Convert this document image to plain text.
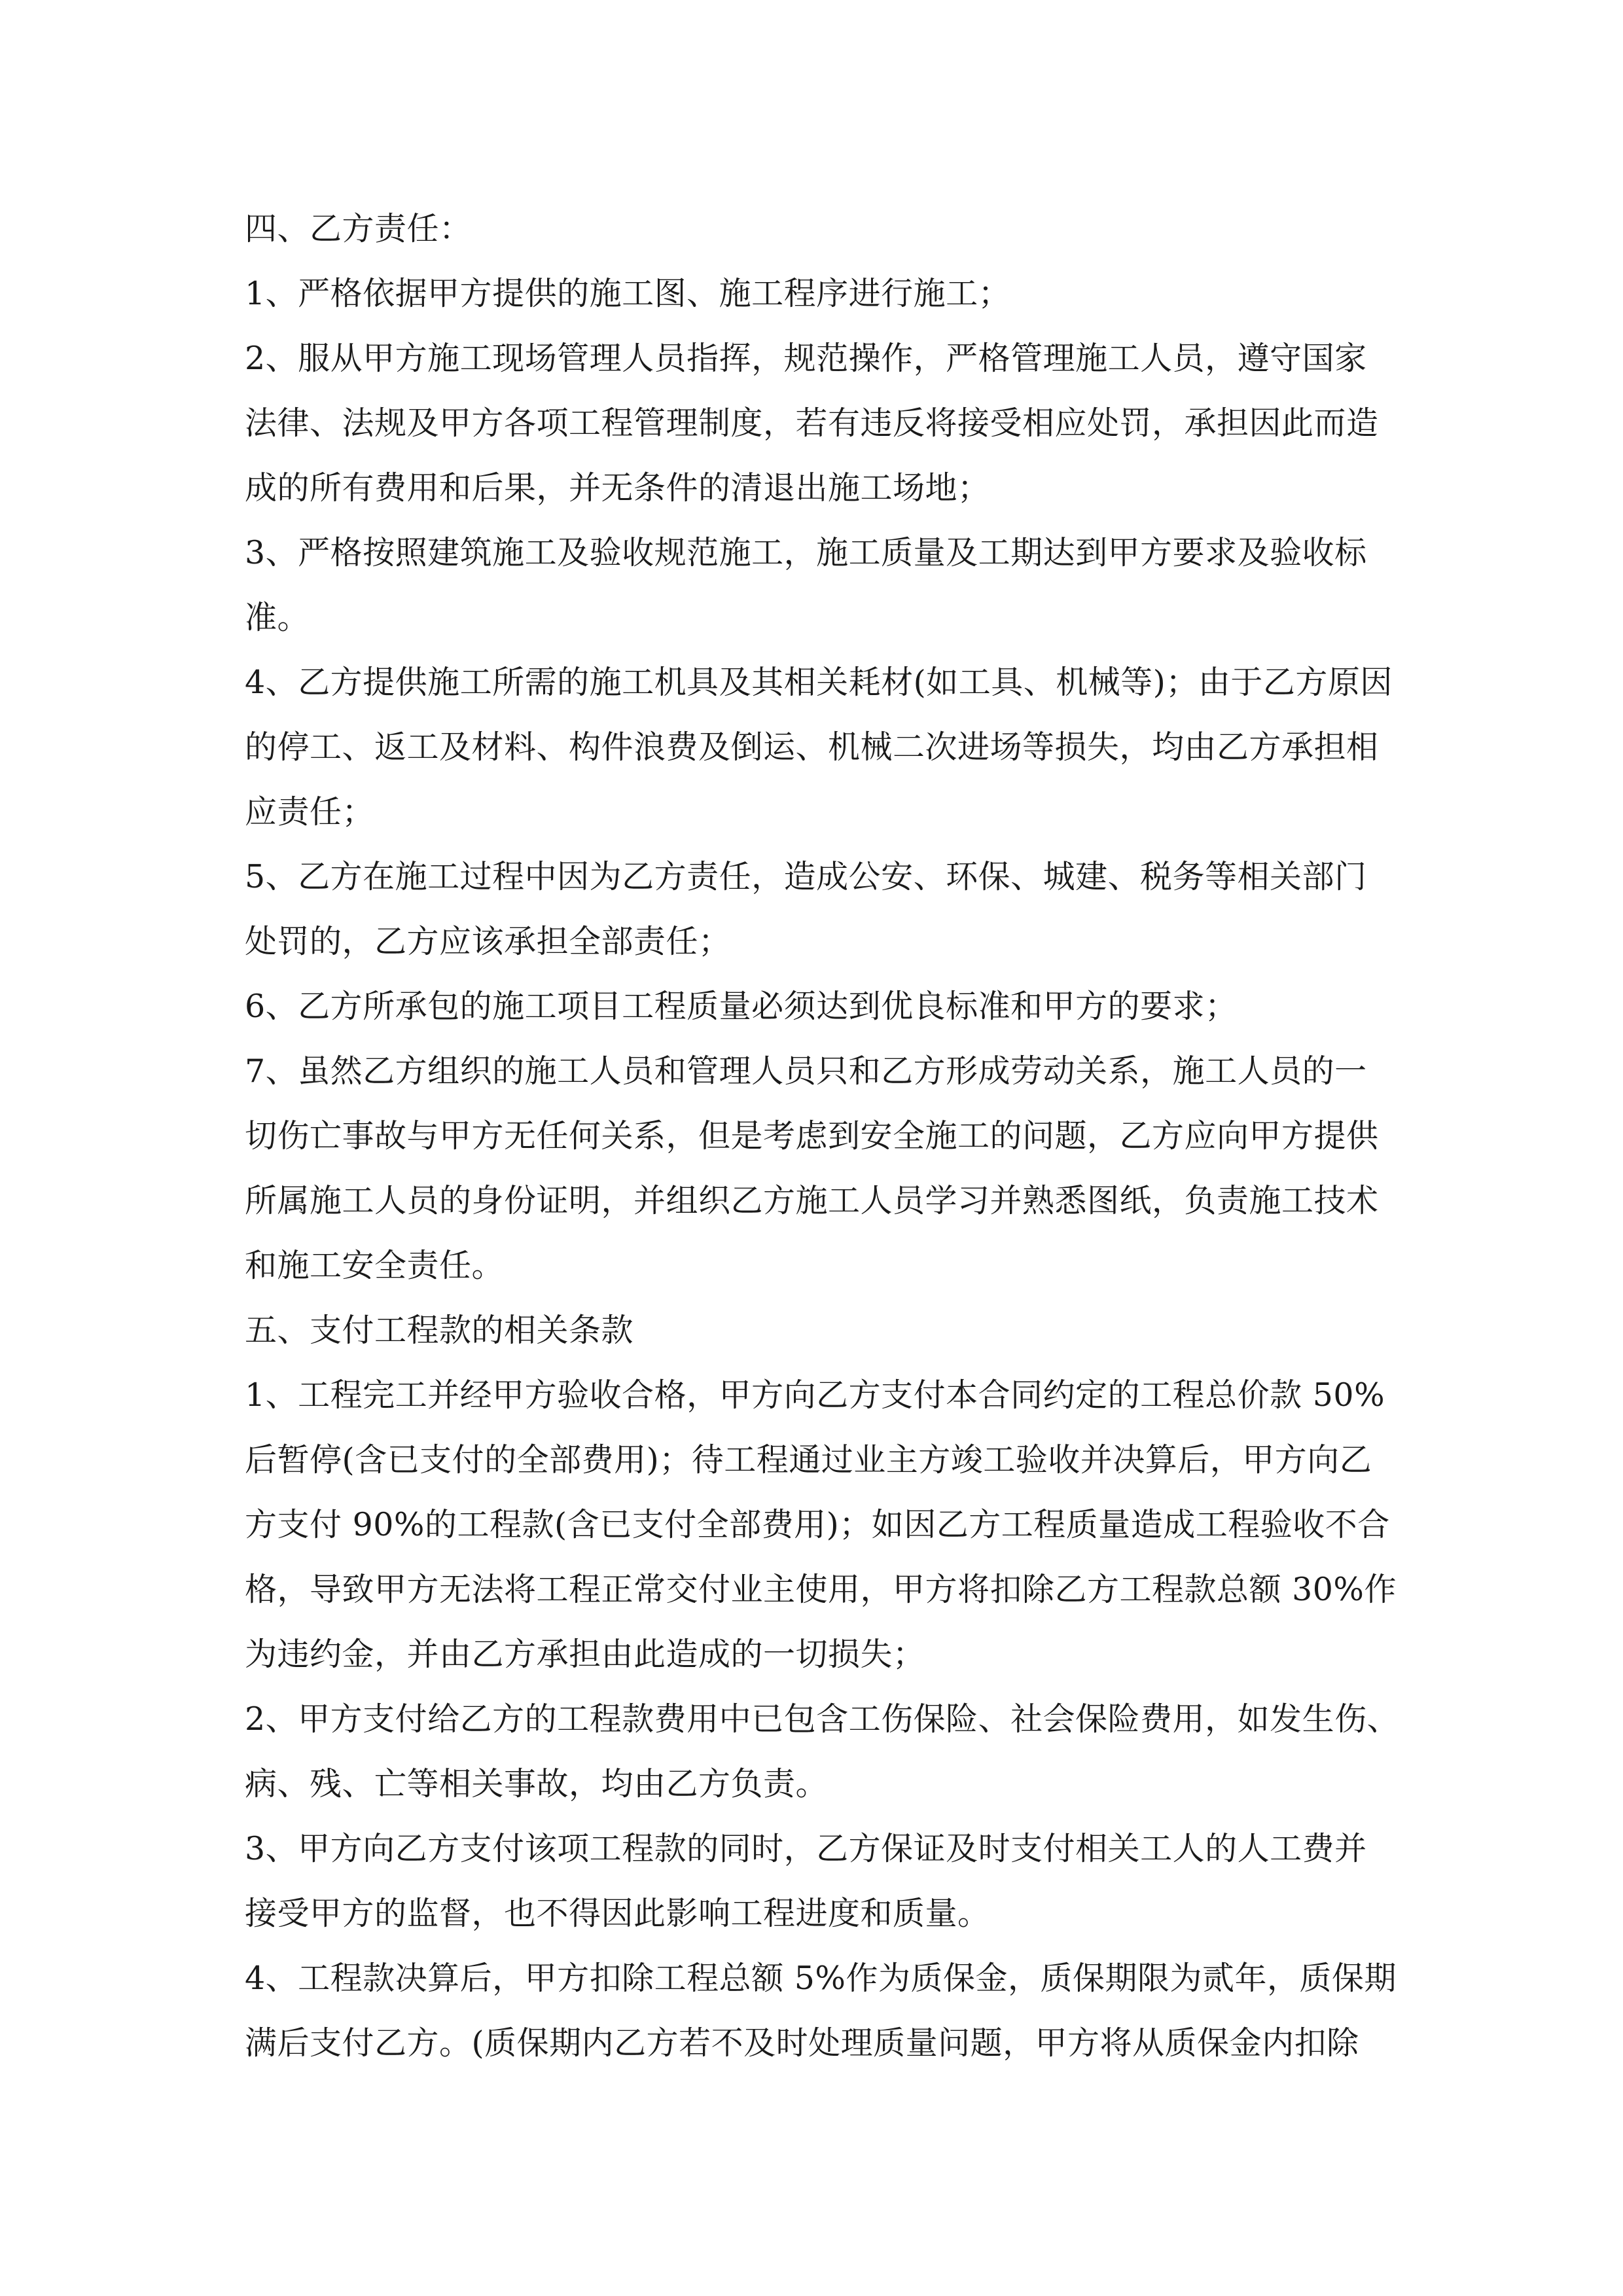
四、乙方责任：
1、严格依据甲方提供的施工图、施工程序进行施工；
2、服从甲方施工现场管理人员指挥，规范操作，严格管理施工人员，遵守国家
法律、法规及甲方各项工程管理制度，若有违反将接受相应处罚，承担因此而造
成的所有费用和后果，并无条件的清退出施工场地；
3、严格按照建筑施工及验收规范施工，施工质量及工期达到甲方要求及验收标
准。
4、乙方提供施工所需的施工机具及其相关耗材(如工具、机械等)；由于乙方原因
的停工、返工及材料、构件浪费及倒运、机械二次进场等损失，均由乙方承担相
应责任；
5、乙方在施工过程中因为乙方责任，造成公安、环保、城建、税务等相关部门
处罚的，乙方应该承担全部责任；
6、乙方所承包的施工项目工程质量必须达到优良标准和甲方的要求；
7、虽然乙方组织的施工人员和管理人员只和乙方形成劳动关系，施工人员的一
切伤亡事故与甲方无任何关系，但是考虑到安全施工的问题，乙方应向甲方提供
所属施工人员的身份证明，并组织乙方施工人员学习并熟悉图纸，负责施工技术
和施工安全责任。
五、支付工程款的相关条款
1、工程完工并经甲方验收合格，甲方向乙方支付本合同约定的工程总价款 50%
后暂停(含已支付的全部费用)；待工程通过业主方竣工验收并决算后，甲方向乙
方支付 90%的工程款(含已支付全部费用)；如因乙方工程质量造成工程验收不合
格，导致甲方无法将工程正常交付业主使用，甲方将扣除乙方工程款总额 30%作
为违约金，并由乙方承担由此造成的一切损失；
2、甲方支付给乙方的工程款费用中已包含工伤保险、社会保险费用，如发生伤、
病、残、亡等相关事故，均由乙方负责。
3、甲方向乙方支付该项工程款的同时，乙方保证及时支付相关工人的人工费并
接受甲方的监督，也不得因此影响工程进度和质量。
4、工程款决算后，甲方扣除工程总额 5%作为质保金，质保期限为贰年，质保期
满后支付乙方。(质保期内乙方若不及时处理质量问题，甲方将从质保金内扣除
